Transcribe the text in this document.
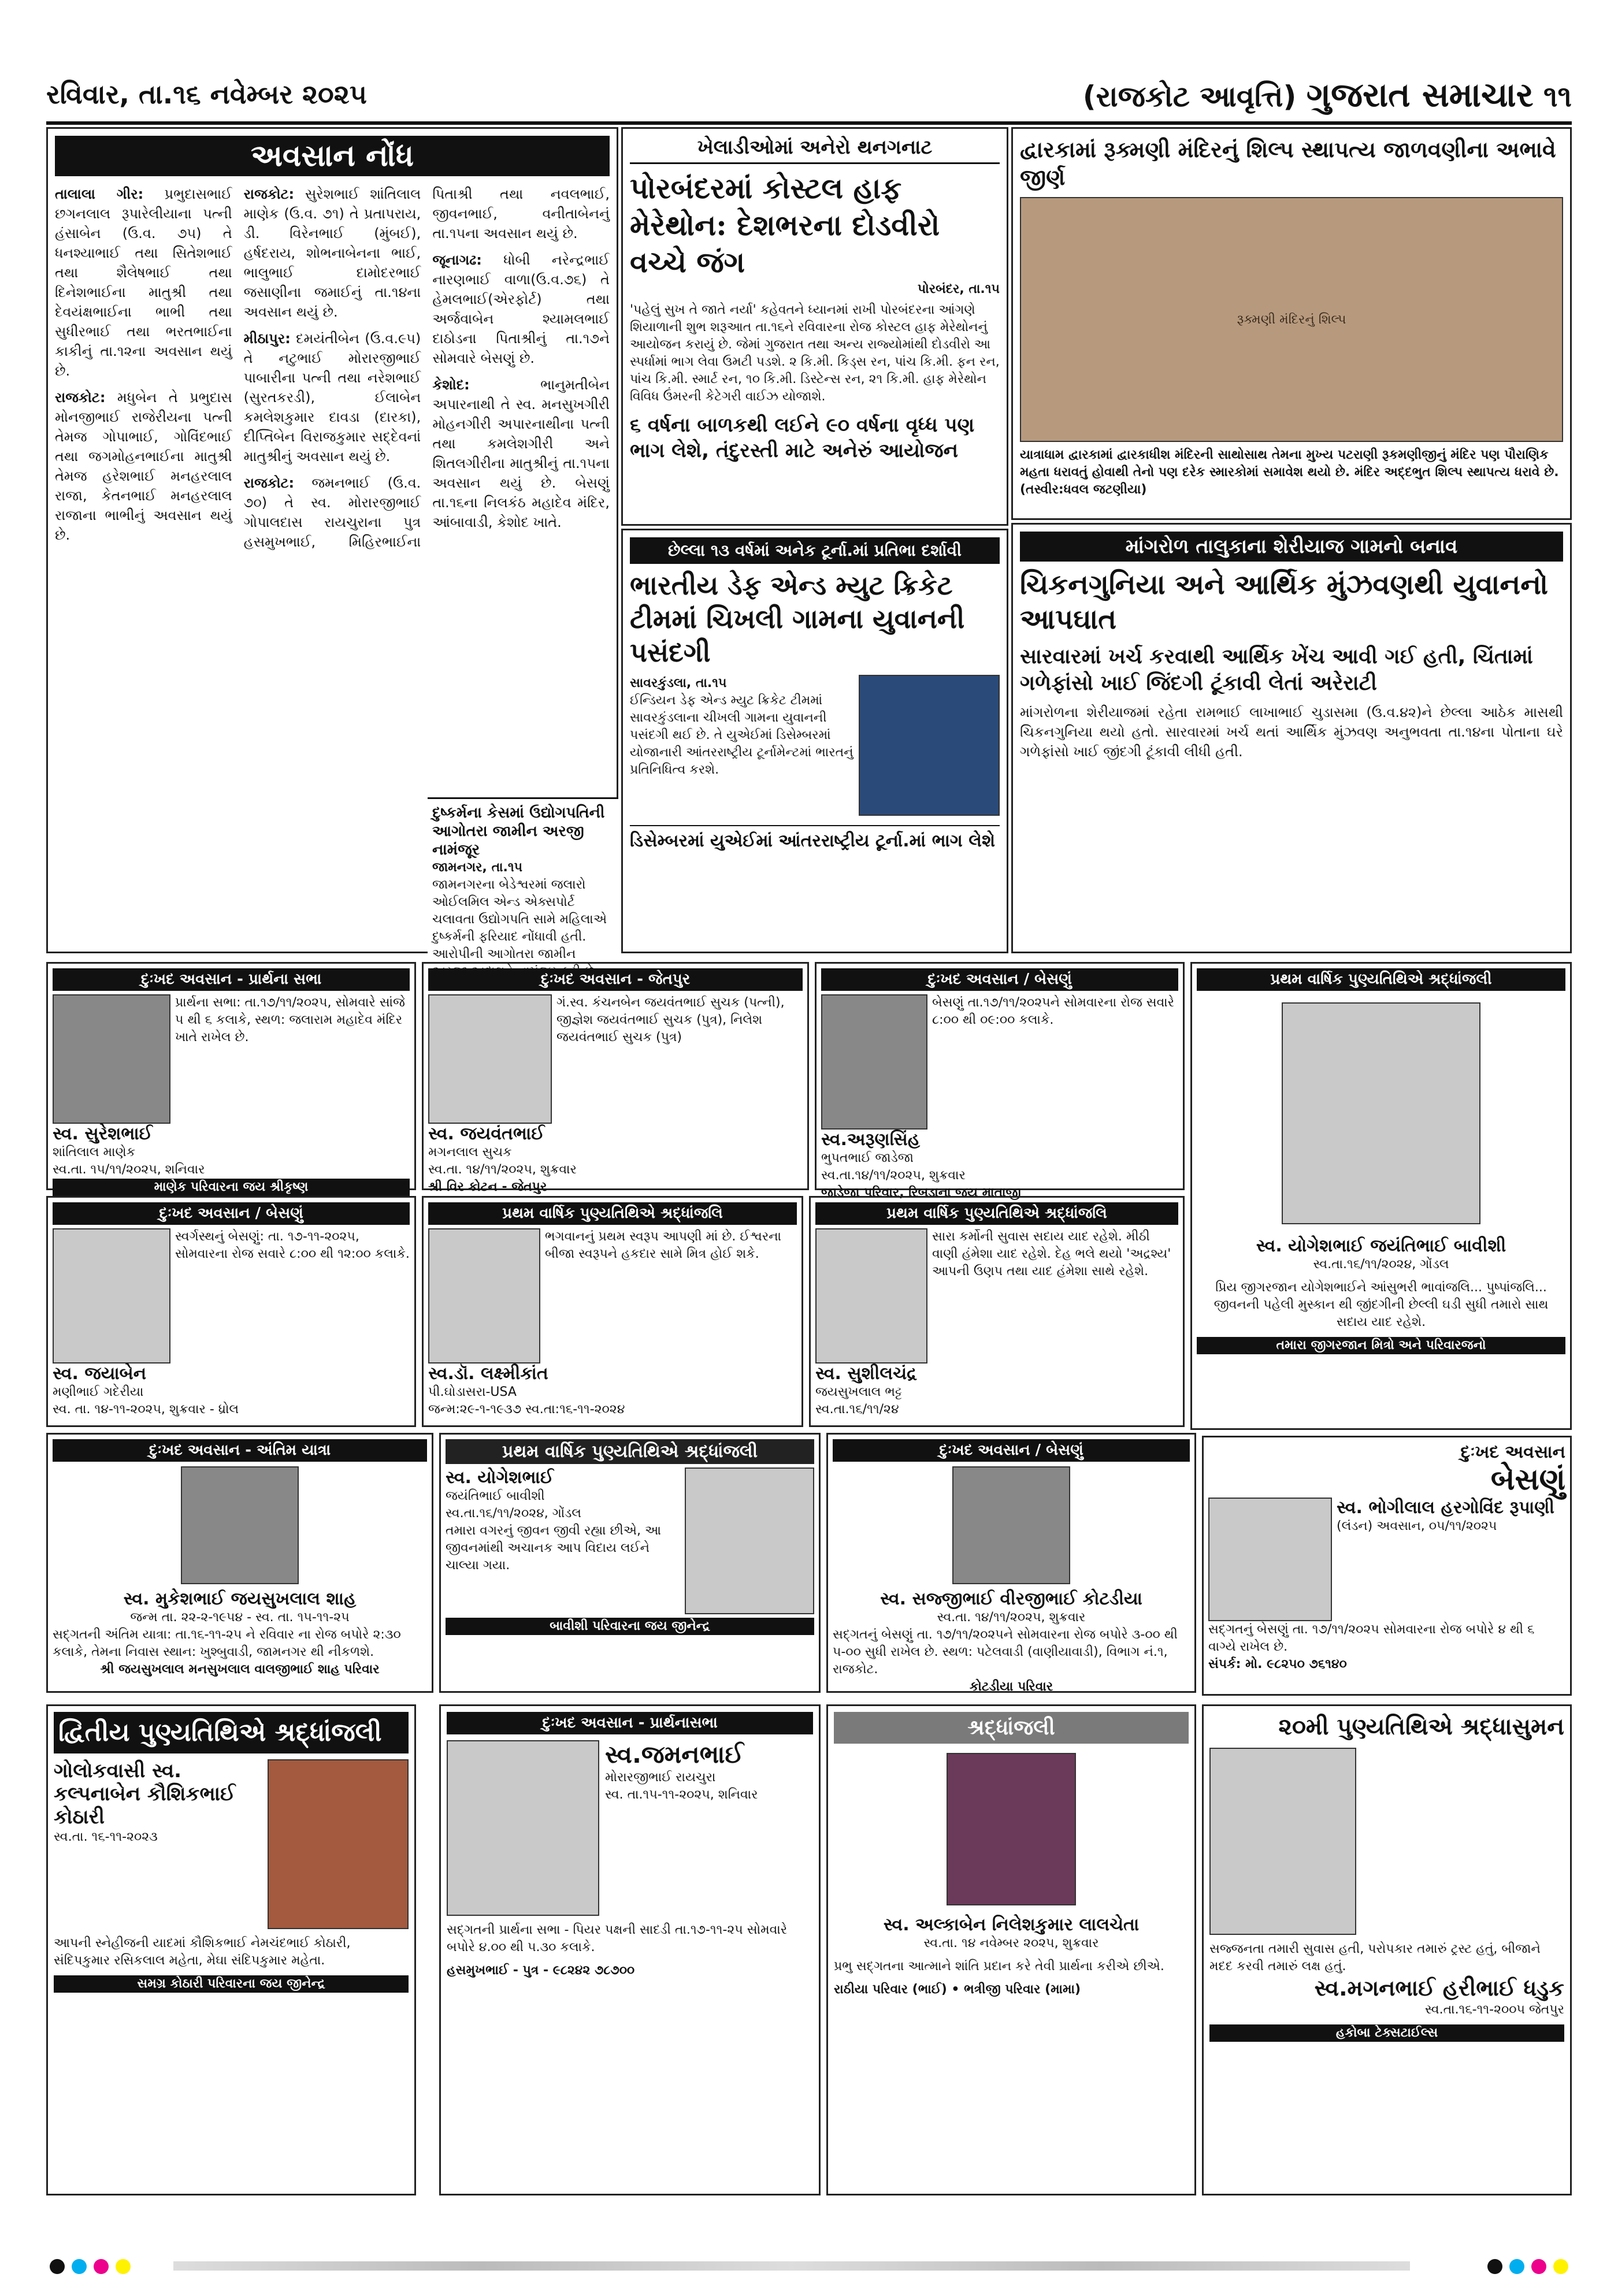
રવિવાર, તા.૧૬ નવેમ્બર ૨૦૨૫	(રાજકોટ આવૃત્તિ) ગુજરાત સમાચાર ૧૧
અવસાન નોંધ

તાલાલા ગીર: પ્રભુદાસભાઈ છગનલાલ રૂપારેલીયાના પત્ની હંસાબેન (ઉ.વ. ૭૫) તે ધનશ્યાભાઈ તથા સિતેશભાઈ તથા શૈલેષભાઈ તથા દિનેશભાઈના માતુશ્રી તથા દેવયંક્ષભાઈના ભાભી તથા સુધીરભાઈ તથા ભરતભાઈના કાકીનું તા.૧૨ના અવસાન થયું છે.

રાજકોટ: મધુબેન તે પ્રભુદાસ મોનજીભાઈ રાજેરીયના પત્ની તેમજ ગોપાભાઈ, ગોવિંદભાઈ તથા જગમોહનભાઈના માતુશ્રી તેમજ હરેશભાઈ મનહરલાલ રાજા, કેતનભાઈ મનહરલાલ રાજાના ભાભીનું અવસાન થયું છે.

રાજકોટ: સુરેશભાઈ શાંતિલાલ માણેક (ઉ.વ. ૭૧) તે પ્રતાપરાય, ડી. વિરેનભાઈ (મુંબઈ), હર્ષદરાય, શોભનાબેનના ભાઈ, ભાલુભાઈ દામોદરભાઈ જસાણીના જમાઈનું તા.૧૪ના અવસાન થયું છે.

મીઠાપુર: દમયંતીબેન (ઉ.વ.૯૫) તે નટુભાઈ મોરારજીભાઈ પાબારીના પત્ની તથા નરેશભાઈ (સુરતકરડી), ઈલાબેન કમલેશકુમાર દાવડા (દારકા), દીપ્તિબેન વિરાજકુમાર સદ્દેવનાં માતુશ્રીનું અવસાન થયું છે.

રાજકોટ: જમનભાઈ (ઉ.વ. ૭૦) તે સ્વ. મોરારજીભાઈ ગોપાલદાસ રાયચુરાના પુત્ર હસમુખભાઈ, મિહિરભાઈના પિતાશ્રી તથા નવલભાઈ, જીવનભાઈ, વનીતાબેનનું તા.૧૫ના અવસાન થયું છે.

જૂનાગઢ: ધોબી નરેન્દ્રભાઈ નારણભાઈ વાળા(ઉ.વ.૭૬) તે હેમલભાઈ(એરફોર્ટ) તથા અર્જવાબેન શ્યામલભાઈ દાઠોડના પિતાશ્રીનું તા.૧૭ને સોમવારે બેસણું છે.

કેશોદ:	ભાનુમતીબેન અપારનાથી તે સ્વ. મનસુખગીરી મોહનગીરી અપારનાથીના પત્ની તથા કમલેશગીરી અને શિતલગીરીના માતુશ્રીનું તા.૧૫ના અવસાન થયું છે. બેસણું તા.૧૬ના નિલકંઠ મહાદેવ મંદિર, આંબાવાડી, કેશોદ ખાતે.

દુષ્કર્મના કેસમાં ઉદ્યોગપતિની આગોતરા જામીન અરજી નામંજૂર
જામનગર, તા.૧૫
જામનગરના બેડેશ્વરમાં જલારો ઓઈલમિલ એન્ડ એક્સપોર્ટ ચલાવતા ઉદ્યોગપતિ સામે મહિલાએ દુષ્કર્મની ફરિયાદ નોંધાવી હતી. આરોપીની આગોતરા જામીન
ખેલાડીઓમાં અનેરો થનગનાટ
પોરબંદરમાં કોસ્ટલ હાફ મેરેથોન: દેશભરના દોડવીરો વચ્ચે જંગ
પોરબંદર, તા.૧૫
'પહેલું સુખ તે જાતે નર્યા' કહેવતને ધ્યાનમાં રાખી પોરબંદરના આંગણે શિયાળાની શુભ શરૂઆત તા.૧૬ને રવિવારના રોજ કોસ્ટલ હાફ મેરેથોનનું આયોજન કરાયું છે. જેમાં ગુજરાત તથા અન્ય રાજ્યોમાંથી દોડવીરો આ સ્પર્ધામાં ભાગ લેવા ઉમટી પડશે. ૨ કિ.મી. કિડ્સ રન, પાંચ કિ.મી. ફન રન, પાંચ કિ.મી. સ્માર્ટ રન, ૧૦ કિ.મી. ડિસ્ટેન્સ રન, ૨૧ કિ.મી. હાફ મેરેથોન વિવિધ ઉંમરની કેટેગરી વાઈઝ યોજાશે.
૬ વર્ષના બાળકથી લઈને ૯૦ વર્ષના વૃધ્ધ પણ ભાગ લેશે, તંદુરસ્તી માટે અનેરું આયોજન
દ્વારકામાં રૂક્મણી મંદિરનું શિલ્પ સ્થાપત્ય જાળવણીના અભાવે જીર્ણ
રૂક્મણી મંદિરનું શિલ્પ
યાત્રાધામ દ્વારકામાં દ્વારકાધીશ મંદિરની સાથોસાથ તેમના મુખ્ય પટરાણી રૂકમણીજીનું મંદિર પણ પૌરાણિક મહતા ધરાવતું હોવાથી તેનો પણ દરેક સ્મારકોમાં સમાવેશ થયો છે. મંદિર અદ્દભુત શિલ્પ સ્થાપત્ય ધરાવે છે. (તસ્વીર:ધવલ જટણીયા)
છેલ્લા ૧૩ વર્ષમાં અનેક ટૂર્ના.માં પ્રતિભા દર્શાવી
ભારતીય ડેફ એન્ડ મ્યુટ ક્રિકેટ ટીમમાં ચિખલી ગામના યુવાનની પસંદગી
સાવરકુંડલા, તા.૧૫
ઈન્ડિયન ડેફ એન્ડ મ્યુટ ક્રિકેટ ટીમમાં સાવરકુંડલાના ચીખલી ગામના યુવાનની પસંદગી થઈ છે. તે યુએઈમાં ડિસેમ્બરમાં યોજાનારી આંતરરાષ્ટ્રીય ટૂર્નામેન્ટમાં ભારતનું પ્રતિનિધિત્વ કરશે.
ડિસેમ્બરમાં યુએઈમાં આંતરરાષ્ટ્રીય ટૂર્ના.માં ભાગ લેશે
માંગરોળ તાલુકાના શેરીયાજ ગામનો બનાવ
ચિકનગુનિયા અને આર્થિક મુંઝવણથી યુવાનનો આપઘાત
સારવારમાં ખર્ચ કરવાથી આર્થિક ખેંચ આવી ગઈ હતી, ચિંતામાં ગળેફાંસો ખાઈ જિંદગી ટૂંકાવી લેતાં અરેરાટી
માંગરોળના શેરીયાજમાં રહેતા રામભાઈ લાખાભાઈ ચુડાસમા (ઉ.વ.૪૨)ને છેલ્લા આઠેક માસથી ચિકનગુનિયા થયો હતો. સારવારમાં ખર્ચ થતાં આર્થિક મુંઝવણ અનુભવતા તા.૧૪ના પોતાના ઘરે ગળેફાંસો ખાઈ જીંદગી ટૂંકાવી લીધી હતી.
દુઃખદ અવસાન - પ્રાર્થના સભા
પ્રાર્થના સભા: તા.૧૭/૧૧/૨૦૨૫, સોમવારે સાંજે ૫ થી ૬ કલાકે, સ્થળ: જલારામ મહાદેવ મંદિર ખાતે રાખેલ છે.
સ્વ. સુરેશભાઈ
શાંતિલાલ માણેક
સ્વ.તા. ૧૫/૧૧/૨૦૨૫, શનિવાર
માણેક પરિવારના જય શ્રીકૃષ્ણ
દુઃખદ અવસાન - જેતપુર
ગં.સ્વ. કંચનબેન જયવંતભાઈ સુચક (પત્ની), જીજ્ઞેશ જયવંતભાઈ સુચક (પુત્ર), નિલેશ જયવંતભાઈ સુચક (પુત્ર)
સ્વ. જયવંતભાઈ
મગનલાલ સુચક
સ્વ.તા. ૧૪/૧૧/૨૦૨૫, શુક્રવાર
શ્રી વિર કોટન - જેતપુર
દુઃખદ અવસાન / બેસણું
બેસણું તા.૧૭/૧૧/૨૦૨૫ને સોમવારના રોજ સવારે ૮:૦૦ થી ૦૯:૦૦ કલાકે.
સ્વ.અરૂણસિંહ
ભુપતભાઈ જાડેજા
સ્વ.તા.૧૪/૧૧/૨૦૨૫, શુક્રવાર
જાડેજા પરિવાર, રિબડાના જય માતાજી
પ્રથમ વાર્ષિક પુણ્યતિથિએ શ્રદ્ધાંજલી
સ્વ. યોગેશભાઈ જયંતિભાઈ બાવીશી
સ્વ.તા.૧૬/૧૧/૨૦૨૪, ગોંડલ
પ્રિય જીગરજાન યોગેશભાઈને આંસુભરી ભાવાંજલિ... પુષ્પાંજલિ... જીવનની પહેલી મુસ્કાન થી જીંદગીની છેલ્લી ઘડી સુધી તમારો સાથ સદાય યાદ રહેશે.
તમારા જીગરજાન મિત્રો અને પરિવારજનો
દુઃખદ અવસાન / બેસણું
સ્વર્ગસ્થનું બેસણું: તા. ૧૭-૧૧-૨૦૨૫, સોમવારના રોજ સવારે ૮:૦૦ થી ૧૨:૦૦ કલાકે.
સ્વ. જયાબેન
મણીભાઈ ગદેરીયા
સ્વ. તા. ૧૪-૧૧-૨૦૨૫, શુક્રવાર - ધ્રોલ
પ્રથમ વાર્ષિક પુણ્યતિથિએ શ્રદ્ધાંજલિ
ભગવાનનું પ્રથમ સ્વરૂપ આપણી માં છે. ઈશ્વરના બીજા સ્વરૂપને હકદાર સામે મિત્ર હોઈ શકે.
સ્વ.ડૉ. લક્ષ્મીકાંત
પી.ઘોડાસરા-USA
જન્મ:૨૯-૧-૧૯૩૭ સ્વ.તા:૧૬-૧૧-૨૦૨૪
પ્રથમ વાર્ષિક પુણ્યતિથિએ શ્રદ્ધાંજલિ
સારા કર્મોની સુવાસ સદાય યાદ રહેશે. મીઠી વાણી હંમેશા યાદ રહેશે. દેહ ભલે થયો 'અદ્રશ્ય' આપની ઉણપ તથા યાદ હંમેશા સાથે રહેશે.
સ્વ. સુશીલચંદ્ર
જયસુખલાલ ભટ્ટ
સ્વ.તા.૧૬/૧૧/૨૪
દુઃખદ અવસાન - અંતિમ યાત્રા
સ્વ. મુકેશભાઈ જયસુખલાલ શાહ
જન્મ તા. ૨૨-૨-૧૯૫૪ - સ્વ. તા. ૧૫-૧૧-૨૫
સદ્ગતની અંતિમ યાત્રા: તા.૧૬-૧૧-૨૫ ને રવિવાર ના રોજ બપોરે ૨:૩૦ કલાકે, તેમના નિવાસ સ્થાન: ખુશ્બુવાડી, જામનગર થી નીકળશે.
શ્રી જયસુખલાલ મનસુખલાલ વાલજીભાઈ શાહ પરિવાર
પ્રથમ વાર્ષિક પુણ્યતિથિએ શ્રદ્ધાંજલી
સ્વ. યોગેશભાઈ
જયંતિભાઈ બાવીશી
સ્વ.તા.૧૬/૧૧/૨૦૨૪, ગોંડલ
તમારા વગરનું જીવન જીવી રહ્યા છીએ, આ જીવનમાંથી અચાનક આપ વિદાય લઈને ચાલ્યા ગયા.
બાવીશી પરિવારના જય જીનેન્દ્ર
દુઃખદ અવસાન / બેસણું
સ્વ. સજ્જીભાઈ વીરજીભાઈ કોટડીયા
સ્વ.તા. ૧૪/૧૧/૨૦૨૫, શુક્રવાર
સદ્ગતનું બેસણું તા. ૧૭/૧૧/૨૦૨૫ને સોમવારના રોજ બપોરે ૩-૦૦ થી ૫-૦૦ સુધી રાખેલ છે. સ્થળ: પટેલવાડી (વાણીયાવાડી), વિભાગ નં.૧, રાજકોટ.
કોટડીયા પરિવાર
દુઃખદ અવસાન
બેસણું
સ્વ. ભોગીલાલ હરગોવિંદ રૂપાણી
(લંડન) અવસાન, ૦૫/૧૧/૨૦૨૫
સદ્ગતનું બેસણું તા. ૧૭/૧૧/૨૦૨૫ સોમવારના રોજ બપોરે ૪ થી ૬ વાગ્યે રાખેલ છે.
સંપર્ક: મો. ૯૮૨૫૦ ૭૬૧૪૦
દ્વિતીય પુણ્યતિથિએ શ્રદ્ધાંજલી
ગોલોકવાસી સ્વ. કલ્પનાબેન કૌશિકભાઈ કોઠારી
સ્વ.તા. ૧૬-૧૧-૨૦૨૩
આપની સ્નેહીજની યાદમાં કૌશિકભાઈ નેમચંદભાઈ કોઠારી, સંદિપકુમાર રસિકલાલ મહેતા, મેઘા સંદિપકુમાર મહેતા.
સમગ્ર કોઠારી પરિવારના જય જીનેન્દ્ર
દુઃખદ અવસાન - પ્રાર્થનાસભા
સ્વ.જમનભાઈ
મોરારજીભાઈ રાયચુરા
સ્વ. તા.૧૫-૧૧-૨૦૨૫, શનિવાર
સદ્ગતની પ્રાર્થના સભા - પિયર પક્ષની સાદડી તા.૧૭-૧૧-૨૫ સોમવારે બપોરે ૪.૦૦ થી ૫.૩૦ કલાકે.
હસમુખભાઈ - પુત્ર - ૯૮૨૪૨ ૭૮૭૦૦
શ્રદ્ધાંજલી
સ્વ. અલ્કાબેન નિલેશકુમાર લાલચેતા
સ્વ.તા. ૧૪ નવેમ્બર ૨૦૨૫, શુક્રવાર
પ્રભુ સદ્ગતના આત્માને શાંતિ પ્રદાન કરે તેવી પ્રાર્થના કરીએ છીએ.
રાઠીયા પરિવાર (ભાઈ) • ભત્રીજી પરિવાર (મામા)
૨૦મી પુણ્યતિથિએ શ્રદ્ધાસુમન
સજ્જનતા તમારી સુવાસ હતી, પરોપકાર તમારું ટ્રસ્ટ હતું, બીજાને મદદ કરવી તમારું લક્ષ હતું.
સ્વ.મગનભાઈ હરીભાઈ ધડુક
સ્વ.તા.૧૬-૧૧-૨૦૦૫ જેતપુર
હકોબા ટેક્સટાઈલ્સ
